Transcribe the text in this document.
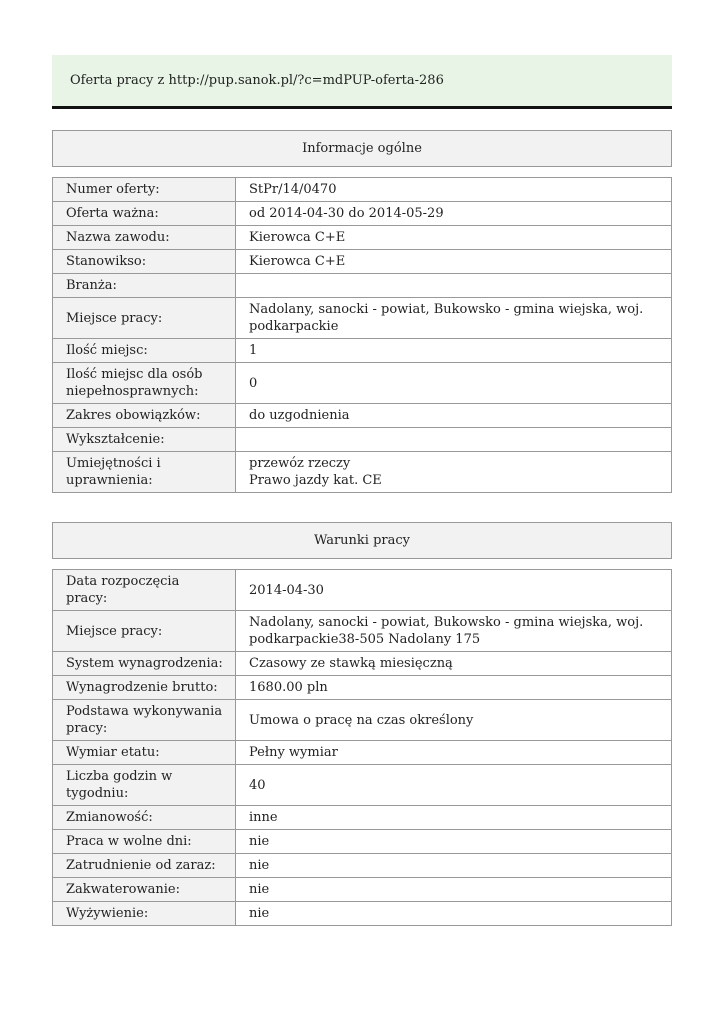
Oferta pracy z http://pup.sanok.pl/?c=mdPUP-oferta-286
Informacje ogólne
Numer oferty:	StPr/14/0470

Oferta ważna:	od 2014-04-30 do 2014-05-29

Nazwa zawodu:	Kierowca C+E

Stanowikso:	Kierowca C+E

Branża:	

Miejsce pracy:	Nadolany, sanocki - powiat, Bukowsko - gmina wiejska, woj.
podkarpackie

Ilość miejsc:	1

Ilość miejsc dla osób niepełnosprawnych:	0

Zakres obowiązków:	do uzgodnienia

Wykształcenie:	

Umiejętności i uprawnienia:	przewóz rzeczy
Prawo jazdy kat. CE
Warunki pracy
Data rozpoczęcia pracy:	2014-04-30

Miejsce pracy:	Nadolany, sanocki - powiat, Bukowsko - gmina wiejska, woj.
podkarpackie38-505 Nadolany 175

System wynagrodzenia:	Czasowy ze stawką miesięczną

Wynagrodzenie brutto:	1680.00 pln

Podstawa wykonywania pracy:	Umowa o pracę na czas określony

Wymiar etatu:	Pełny wymiar

Liczba godzin w tygodniu:	40

Zmianowość:	inne

Praca w wolne dni:	nie

Zatrudnienie od zaraz:	nie

Zakwaterowanie:	nie

Wyżywienie:	nie
